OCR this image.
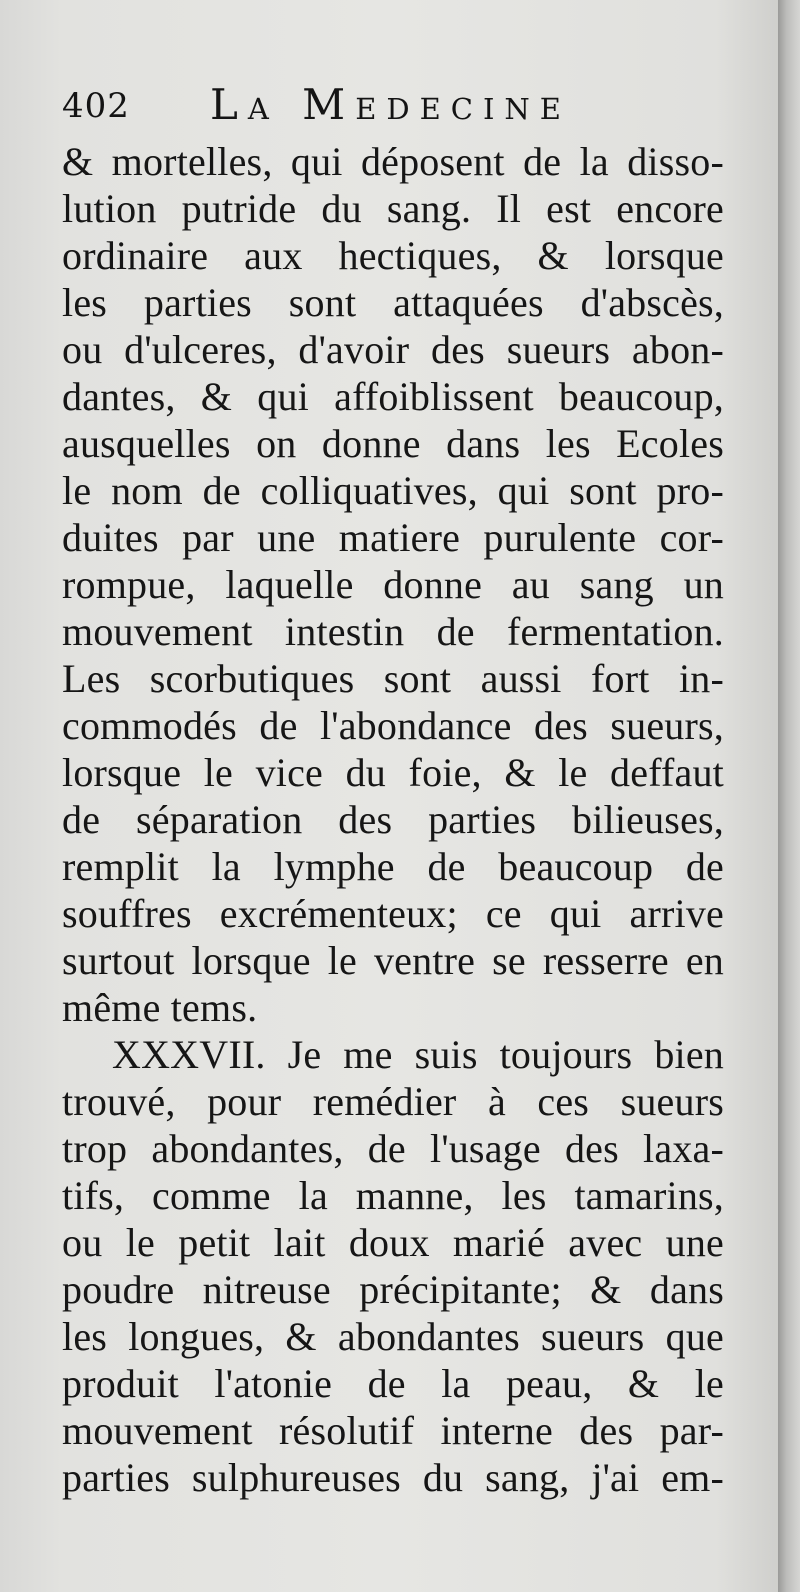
402 La Medecine
& mortelles, qui déposent de la disso-
lution putride du sang. Il est encore
ordinaire aux hectiques, & lorsque
les parties sont attaquées d'abscès,
ou d'ulceres, d'avoir des sueurs abon-
dantes, & qui affoiblissent beaucoup,
ausquelles on donne dans les Ecoles
le nom de colliquatives, qui sont pro-
duites par une matiere purulente cor-
rompue, laquelle donne au sang un
mouvement intestin de fermentation.
Les scorbutiques sont aussi fort in-
commodés de l'abondance des sueurs,
lorsque le vice du foie, & le deffaut
de séparation des parties bilieuses,
remplit la lymphe de beaucoup de
souffres excrémenteux; ce qui arrive
surtout lorsque le ventre se resserre en
même tems.
XXXVII. Je me suis toujours bien
trouvé, pour remédier à ces sueurs
trop abondantes, de l'usage des laxa-
tifs, comme la manne, les tamarins,
ou le petit lait doux marié avec une
poudre nitreuse précipitante; & dans
les longues, & abondantes sueurs que
produit l'atonie de la peau, & le
mouvement résolutif interne des par-
parties sulphureuses du sang, j'ai em-
